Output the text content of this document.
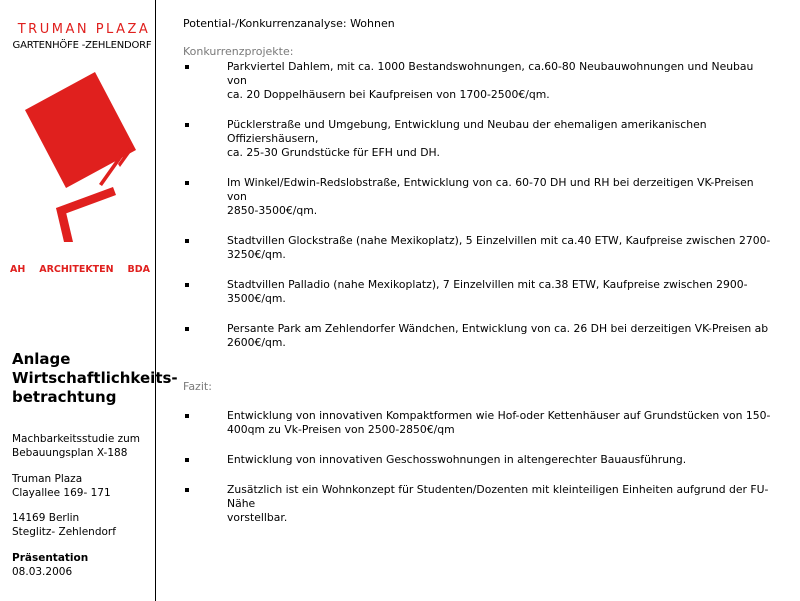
TRUMAN PLAZA
GARTENHÖFE -ZEHLENDORF
AH ARCHITEKTEN BDA
Anlage Wirtschaftlichkeits-betrachtung
Machbarkeitsstudie zum
Bebauungsplan X-188
Truman Plaza
Clayallee 169- 171
14169 Berlin
Steglitz- Zehlendorf
Präsentation
08.03.2006
Potential-/Konkurrenzanalyse: Wohnen
Konkurrenzprojekte:
Parkviertel Dahlem, mit ca. 1000 Bestandswohnungen, ca.60-80 Neubauwohnungen und Neubau von
ca. 20 Doppelhäusern bei Kaufpreisen von 1700-2500€/qm.
Pücklerstraße und Umgebung, Entwicklung und Neubau der ehemaligen amerikanischen Offiziershäusern,
ca. 25-30 Grundstücke für EFH und DH.
Im Winkel/Edwin-Redslobstraße, Entwicklung von ca. 60-70 DH und RH bei derzeitigen VK-Preisen von
2850-3500€/qm.
Stadtvillen Glockstraße (nahe Mexikoplatz), 5 Einzelvillen mit ca.40 ETW, Kaufpreise zwischen 2700-
3250€/qm.
Stadtvillen Palladio (nahe Mexikoplatz), 7 Einzelvillen mit ca.38 ETW, Kaufpreise zwischen 2900-
3500€/qm.
Persante Park am Zehlendorfer Wändchen, Entwicklung von ca. 26 DH bei derzeitigen VK-Preisen ab
2600€/qm.
Fazit:
Entwicklung von innovativen Kompaktformen wie Hof-oder Kettenhäuser auf Grundstücken von 150-
400qm zu Vk-Preisen von 2500-2850€/qm
Entwicklung von innovativen Geschosswohnungen in altengerechter Bauausführung.
Zusätzlich ist ein Wohnkonzept für Studenten/Dozenten mit kleinteiligen Einheiten aufgrund der FU-Nähe
vorstellbar.
